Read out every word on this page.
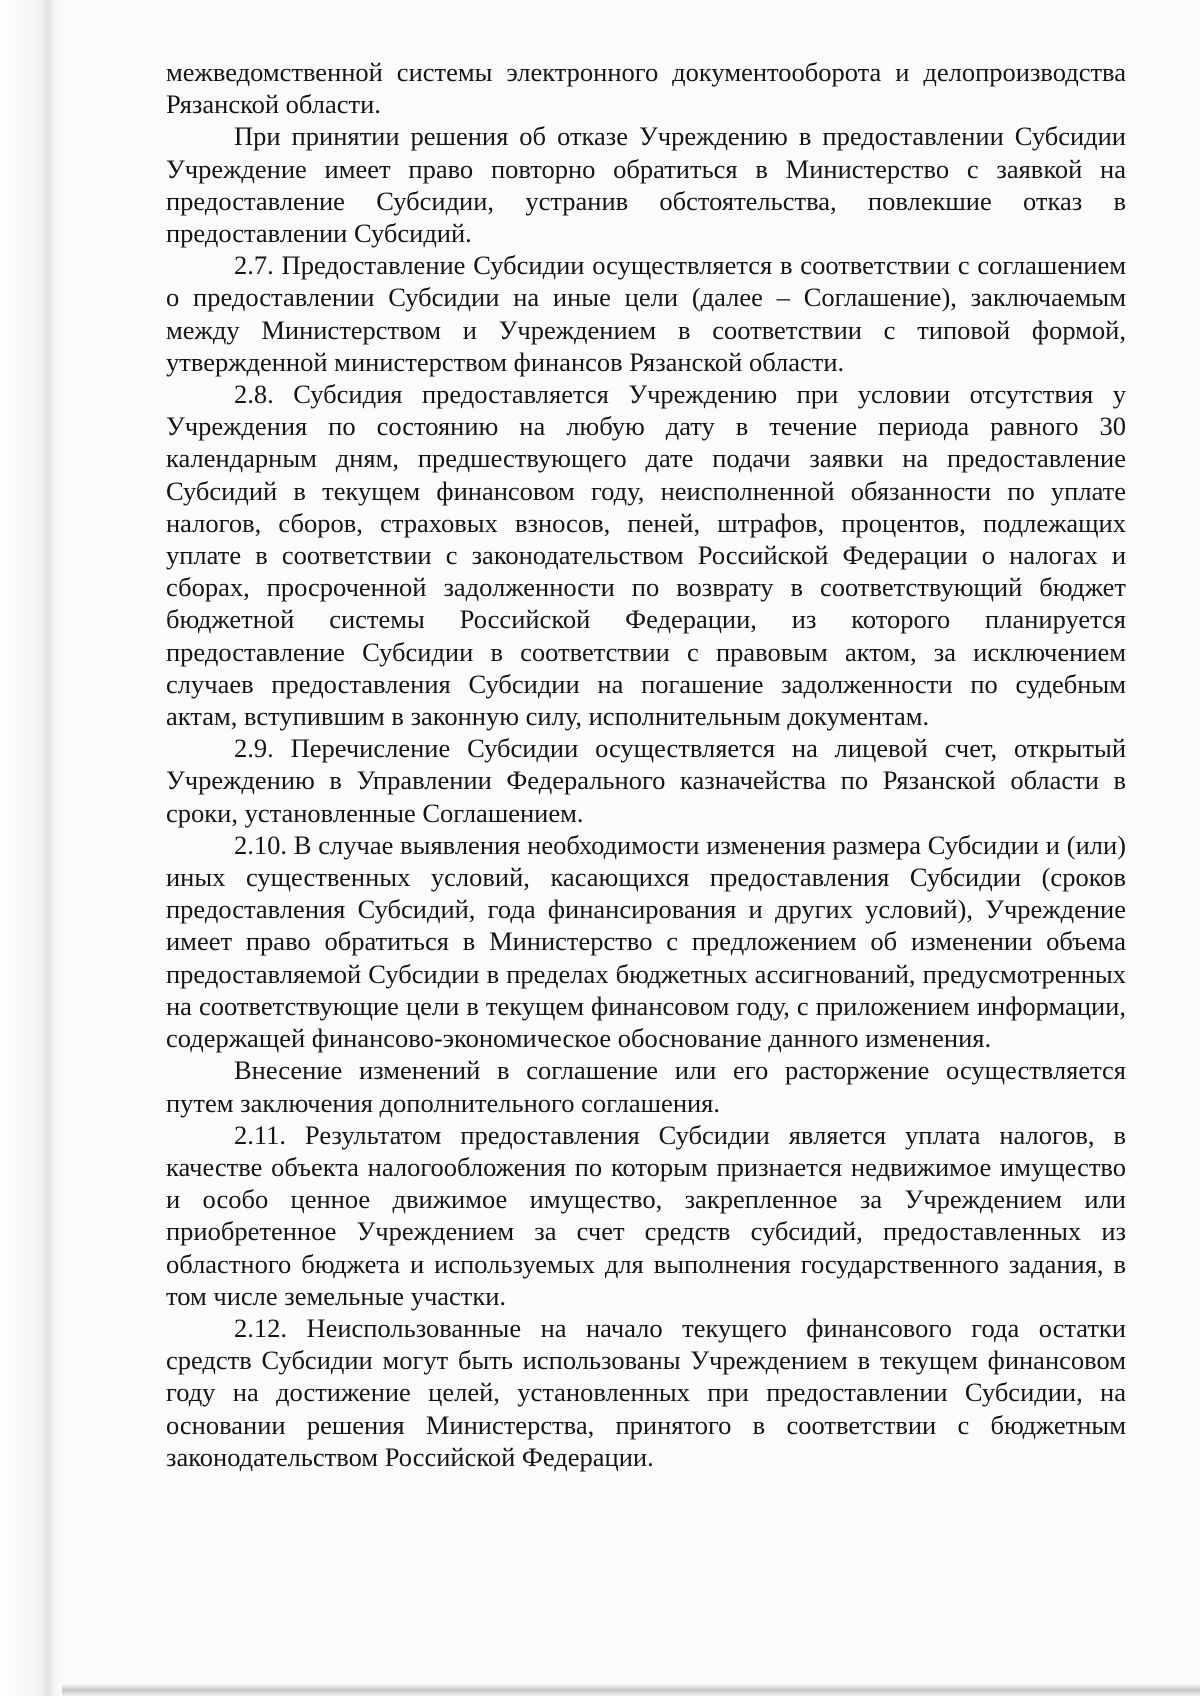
межведомственной системы электронного документооборота и делопроизводства Рязанской области.

При принятии решения об отказе Учреждению в предоставлении Субсидии Учреждение имеет право повторно обратиться в Министерство с заявкой на предоставление Субсидии, устранив обстоятельства, повлекшие отказ в предоставлении Субсидий.

2.7. Предоставление Субсидии осуществляется в соответствии с соглашением о предоставлении Субсидии на иные цели (далее – Соглашение), заключаемым между Министерством и Учреждением в соответствии с типовой формой, утвержденной министерством финансов Рязанской области.

2.8. Субсидия предоставляется Учреждению при условии отсутствия у Учреждения по состоянию на любую дату в течение периода равного 30 календарным дням, предшествующего дате подачи заявки на предоставление Субсидий в текущем финансовом году, неисполненной обязанности по уплате налогов, сборов, страховых взносов, пеней, штрафов, процентов, подлежащих уплате в соответствии с законодательством Российской Федерации о налогах и сборах, просроченной задолженности по возврату в соответствующий бюджет бюджетной системы Российской Федерации, из которого планируется предоставление Субсидии в соответствии с правовым актом, за исключением случаев предоставления Субсидии на погашение задолженности по судебным актам, вступившим в законную силу, исполнительным документам.

2.9. Перечисление Субсидии осуществляется на лицевой счет, открытый Учреждению в Управлении Федерального казначейства по Рязанской области в сроки, установленные Соглашением.

2.10. В случае выявления необходимости изменения размера Субсидии и (или) иных существенных условий, касающихся предоставления Субсидии (сроков предоставления Субсидий, года финансирования и других условий), Учреждение имеет право обратиться в Министерство с предложением об изменении объема предоставляемой Субсидии в пределах бюджетных ассигнований, предусмотренных на соответствующие цели в текущем финансовом году, с приложением информации, содержащей финансово-экономическое обоснование данного изменения.

Внесение изменений в соглашение или его расторжение осуществляется путем заключения дополнительного соглашения.

2.11. Результатом предоставления Субсидии является уплата налогов, в качестве объекта налогообложения по которым признается недвижимое имущество и особо ценное движимое имущество, закрепленное за Учреждением или приобретенное Учреждением за счет средств субсидий, предоставленных из областного бюджета и используемых для выполнения государственного задания, в том числе земельные участки.

2.12. Неиспользованные на начало текущего финансового года остатки средств Субсидии могут быть использованы Учреждением в текущем финансовом году на достижение целей, установленных при предоставлении Субсидии, на основании решения Министерства, принятого в соответствии с бюджетным законодательством Российской Федерации.
